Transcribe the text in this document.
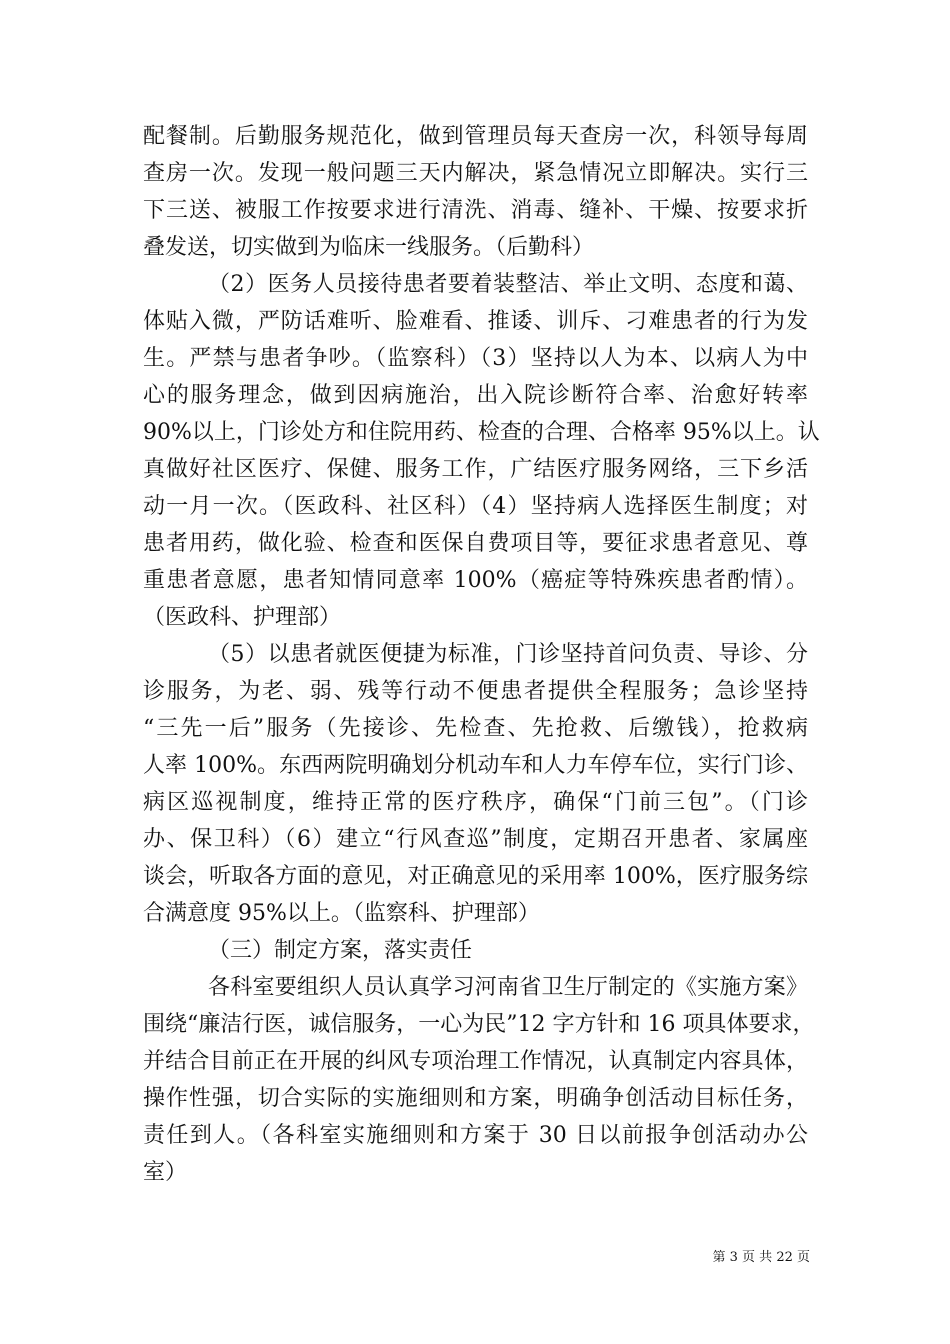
配餐制。后勤服务规范化，做到管理员每天查房一次，科领导每周
查房一次。发现一般问题三天内解决，紧急情况立即解决。实行三
下三送、被服工作按要求进行清洗、消毒、缝补、干燥、按要求折
叠发送，切实做到为临床一线服务。（后勤科）
（2）医务人员接待患者要着装整洁、举止文明、态度和蔼、
体贴入微，严防话难听、脸难看、推诿、训斥、刁难患者的行为发
生。严禁与患者争吵。（监察科）（3）坚持以人为本、以病人为中
心的服务理念，做到因病施治，出入院诊断符合率、治愈好转率
90%以上，门诊处方和住院用药、检查的合理、合格率 95%以上。认
真做好社区医疗、保健、服务工作，广结医疗服务网络，三下乡活
动一月一次。（医政科、社区科）（4）坚持病人选择医生制度；对
患者用药，做化验、检查和医保自费项目等，要征求患者意见、尊
重患者意愿，患者知情同意率 100%（癌症等特殊疾患者酌情）。
（医政科、护理部）
（5）以患者就医便捷为标准，门诊坚持首问负责、导诊、分
诊服务，为老、弱、残等行动不便患者提供全程服务；急诊坚持
“三先一后”服务（先接诊、先检查、先抢救、后缴钱），抢救病
人率 100%。东西两院明确划分机动车和人力车停车位，实行门诊、
病区巡视制度，维持正常的医疗秩序，确保“门前三包”。（门诊
办、保卫科）（6）建立“行风查巡”制度，定期召开患者、家属座
谈会，听取各方面的意见，对正确意见的采用率 100%，医疗服务综
合满意度 95%以上。（监察科、护理部）
（三）制定方案，落实责任
各科室要组织人员认真学习河南省卫生厅制定的《实施方案》
围绕“廉洁行医，诚信服务，一心为民”12 字方针和 16 项具体要求，
并结合目前正在开展的纠风专项治理工作情况，认真制定内容具体，
操作性强，切合实际的实施细则和方案，明确争创活动目标任务，
责任到人。（各科室实施细则和方案于 30 日以前报争创活动办公
室）
第 3 页 共 22 页
